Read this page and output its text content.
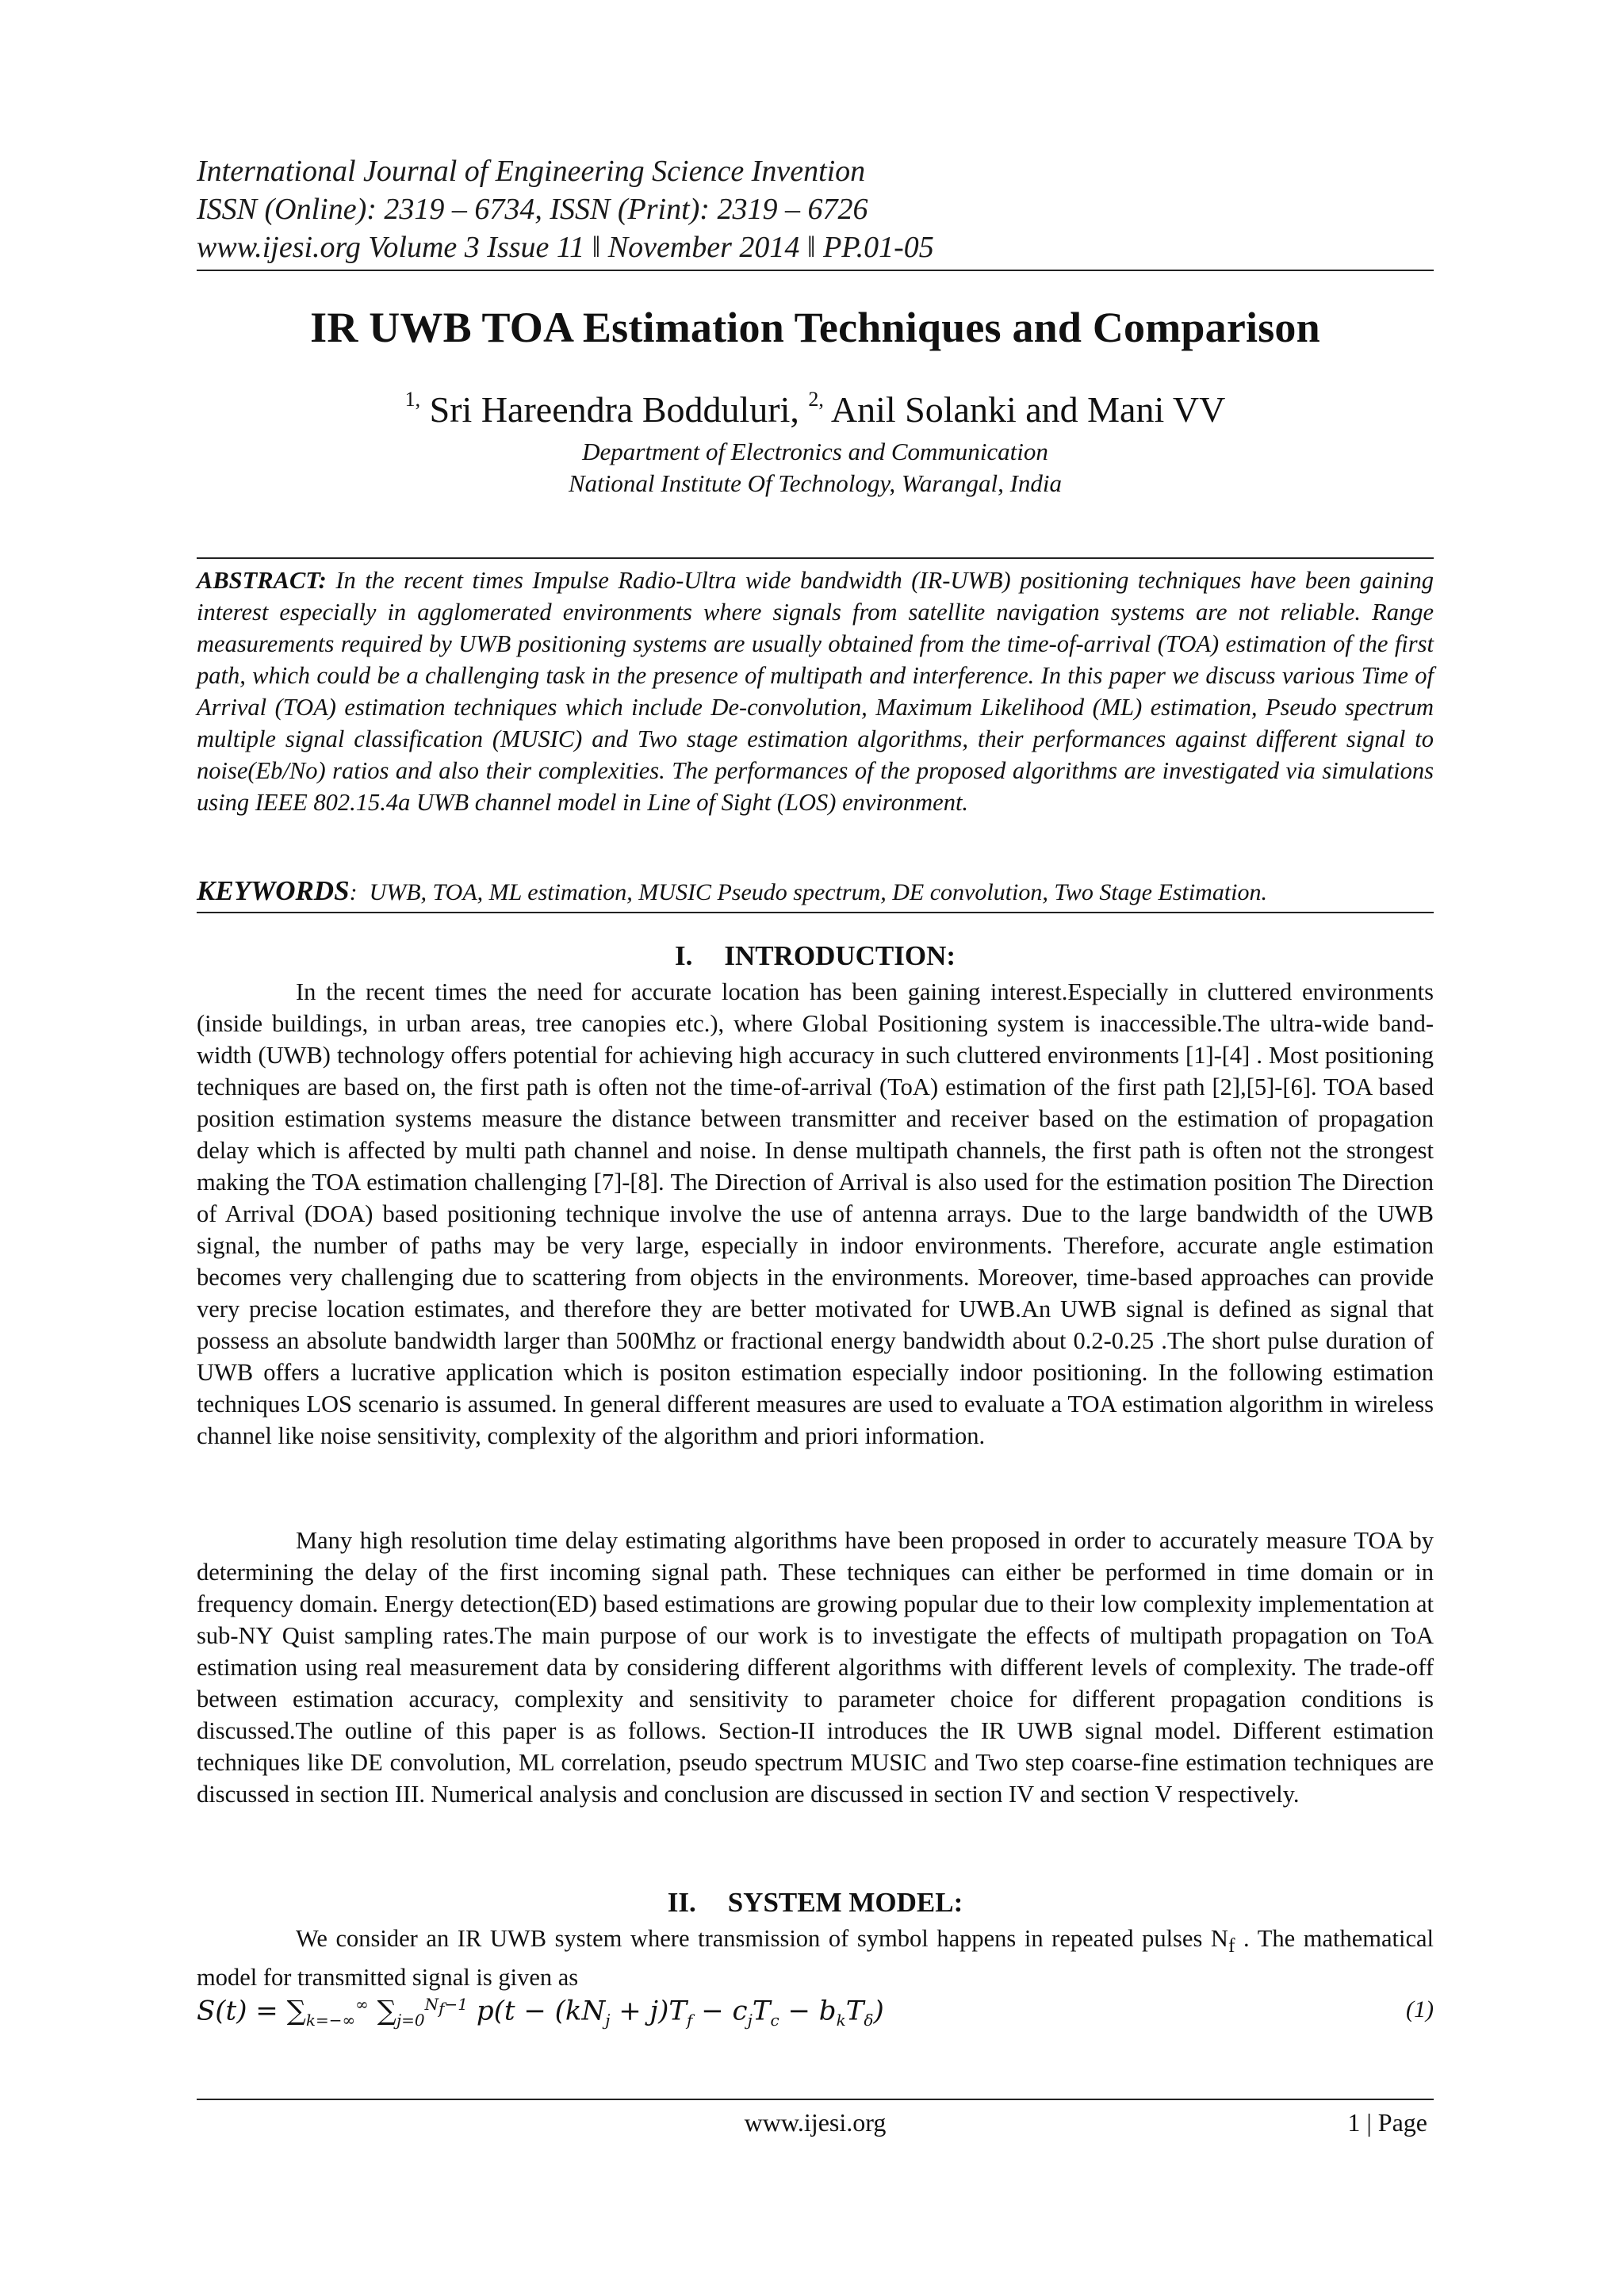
International Journal of Engineering Science Invention
ISSN (Online): 2319 – 6734, ISSN (Print): 2319 – 6726
www.ijesi.org Volume 3 Issue 11 ǁ November 2014 ǁ PP.01-05
IR UWB TOA Estimation Techniques and Comparison
$^{1,}$ Sri Hareendra Bodduluri, $^{2,}$ Anil Solanki and Mani VV
Department of Electronics and Communication
National Institute Of Technology, Warangal, India
ABSTRACT: In the recent times Impulse Radio-Ultra wide bandwidth (IR-UWB) positioning techniques have been gaining interest especially in agglomerated environments where signals from satellite navigation systems are not reliable. Range measurements required by UWB positioning systems are usually obtained from the time-of-arrival (TOA) estimation of the first path, which could be a challenging task in the presence of multipath and interference. In this paper we discuss various Time of Arrival (TOA) estimation techniques which include De-convolution, Maximum Likelihood (ML) estimation, Pseudo spectrum multiple signal classification (MUSIC) and Two stage estimation algorithms, their performances against different signal to noise(Eb/No) ratios and also their complexities. The performances of the proposed algorithms are investigated via simulations using IEEE 802.15.4a UWB channel model in Line of Sight (LOS) environment.
KEYWORDS: UWB, TOA, ML estimation, MUSIC Pseudo spectrum, DE convolution, Two Stage Estimation.
I. INTRODUCTION:
In the recent times the need for accurate location has been gaining interest.Especially in cluttered environments (inside buildings, in urban areas, tree canopies etc.), where Global Positioning system is inaccessible.The ultra-wide band-width (UWB) technology offers potential for achieving high accuracy in such cluttered environments [1]-[4] . Most positioning techniques are based on, the first path is often not the time-of-arrival (ToA) estimation of the first path [2],[5]-[6]. TOA based position estimation systems measure the distance between transmitter and receiver based on the estimation of propagation delay which is affected by multi path channel and noise. In dense multipath channels, the first path is often not the strongest making the TOA estimation challenging [7]-[8]. The Direction of Arrival is also used for the estimation position The Direction of Arrival (DOA) based positioning technique involve the use of antenna arrays. Due to the large bandwidth of the UWB signal, the number of paths may be very large, especially in indoor environments. Therefore, accurate angle estimation becomes very challenging due to scattering from objects in the environments. Moreover, time-based approaches can provide very precise location estimates, and therefore they are better motivated for UWB.An UWB signal is defined as signal that possess an absolute bandwidth larger than 500Mhz or fractional energy bandwidth about 0.2-0.25 .The short pulse duration of UWB offers a lucrative application which is positon estimation especially indoor positioning. In the following estimation techniques LOS scenario is assumed. In general different measures are used to evaluate a TOA estimation algorithm in wireless channel like noise sensitivity, complexity of the algorithm and priori information.
Many high resolution time delay estimating algorithms have been proposed in order to accurately measure TOA by determining the delay of the first incoming signal path. These techniques can either be performed in time domain or in frequency domain. Energy detection(ED) based estimations are growing popular due to their low complexity implementation at sub-NY Quist sampling rates.The main purpose of our work is to investigate the effects of multipath propagation on ToA estimation using real measurement data by considering different algorithms with different levels of complexity. The trade-off between estimation accuracy, complexity and sensitivity to parameter choice for different propagation conditions is discussed.The outline of this paper is as follows. Section-II introduces the IR UWB signal model. Different estimation techniques like DE convolution, ML correlation, pseudo spectrum MUSIC and Two step coarse-fine estimation techniques are discussed in section III. Numerical analysis and conclusion are discussed in section IV and section V respectively.
II. SYSTEM MODEL:
We consider an IR UWB system where transmission of symbol happens in repeated pulses $N_f$ . The mathematical model for transmitted signal is given as
$S(t) = \sum_{k=-\infty}^\infty$ $\sum_{j=0}^{N_f-1}$ $p(t - (kN_j + j)T_f - c_jT_c - b_kT_\delta)$	(1)
www.ijesi.org	1 | Page
